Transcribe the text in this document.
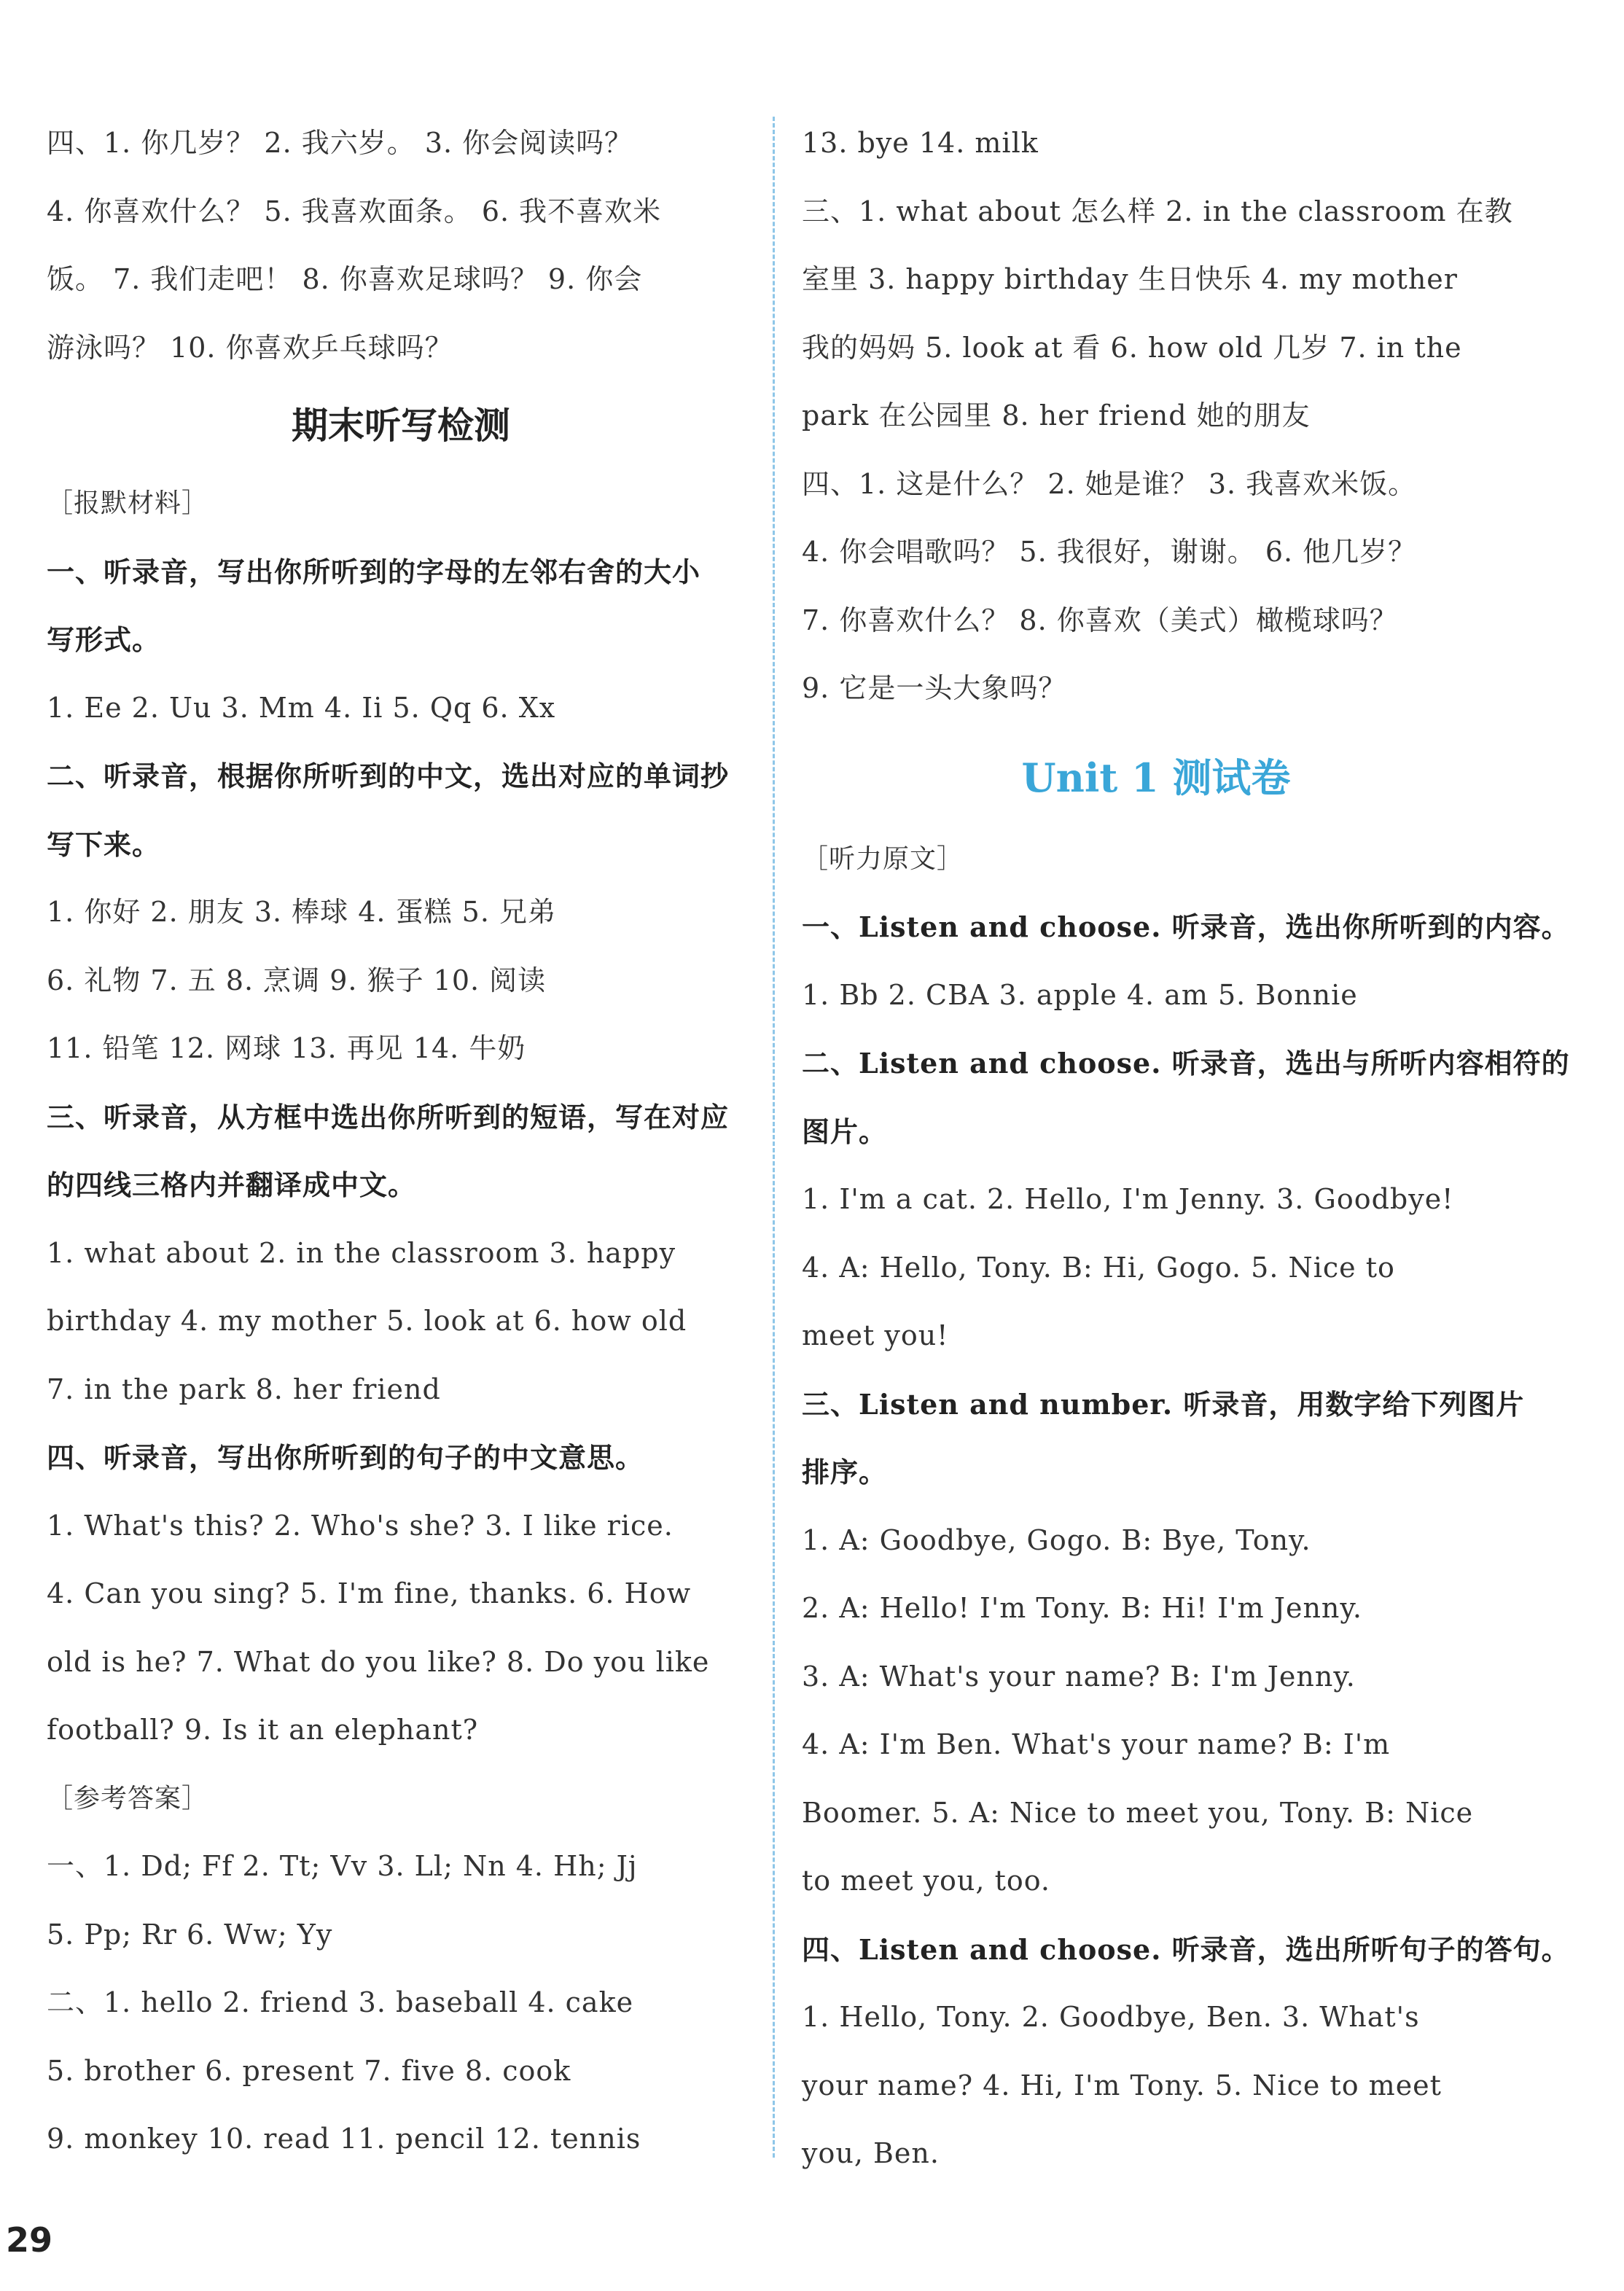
四、1. 你几岁？ 2. 我六岁。 3. 你会阅读吗？
4. 你喜欢什么？ 5. 我喜欢面条。 6. 我不喜欢米
饭。 7. 我们走吧！ 8. 你喜欢足球吗？ 9. 你会
游泳吗？ 10. 你喜欢乒乓球吗？
期末听写检测
［报默材料］
一、听录音，写出你所听到的字母的左邻右舍的大小
写形式。
1. Ee 2. Uu 3. Mm 4. Ii 5. Qq 6. Xx
二、听录音，根据你所听到的中文，选出对应的单词抄
写下来。
1. 你好 2. 朋友 3. 棒球 4. 蛋糕 5. 兄弟
6. 礼物 7. 五 8. 烹调 9. 猴子 10. 阅读
11. 铅笔 12. 网球 13. 再见 14. 牛奶
三、听录音，从方框中选出你所听到的短语，写在对应
的四线三格内并翻译成中文。
1. what about 2. in the classroom 3. happy
birthday 4. my mother 5. look at 6. how old
7. in the park 8. her friend
四、听录音，写出你所听到的句子的中文意思。
1. What's this? 2. Who's she? 3. I like rice.
4. Can you sing? 5. I'm fine, thanks. 6. How
old is he? 7. What do you like? 8. Do you like
football? 9. Is it an elephant?
［参考答案］
一、1. Dd; Ff 2. Tt; Vv 3. Ll; Nn 4. Hh; Jj
5. Pp; Rr 6. Ww; Yy
二、1. hello 2. friend 3. baseball 4. cake
5. brother 6. present 7. five 8. cook
9. monkey 10. read 11. pencil 12. tennis
13. bye 14. milk
三、1. what about 怎么样 2. in the classroom 在教
室里 3. happy birthday 生日快乐 4. my mother
我的妈妈 5. look at 看 6. how old 几岁 7. in the
park 在公园里 8. her friend 她的朋友
四、1. 这是什么？ 2. 她是谁？ 3. 我喜欢米饭。
4. 你会唱歌吗？ 5. 我很好，谢谢。 6. 他几岁？
7. 你喜欢什么？ 8. 你喜欢（美式）橄榄球吗？
9. 它是一头大象吗？
Unit 1 测试卷
［听力原文］
一、Listen and choose. 听录音，选出你所听到的内容。
1. Bb 2. CBA 3. apple 4. am 5. Bonnie
二、Listen and choose. 听录音，选出与所听内容相符的
图片。
1. I'm a cat. 2. Hello, I'm Jenny. 3. Goodbye!
4. A: Hello, Tony. B: Hi, Gogo. 5. Nice to
meet you!
三、Listen and number. 听录音，用数字给下列图片
排序。
1. A: Goodbye, Gogo. B: Bye, Tony.
2. A: Hello! I'm Tony. B: Hi! I'm Jenny.
3. A: What's your name? B: I'm Jenny.
4. A: I'm Ben. What's your name? B: I'm
Boomer. 5. A: Nice to meet you, Tony. B: Nice
to meet you, too.
四、Listen and choose. 听录音，选出所听句子的答句。
1. Hello, Tony. 2. Goodbye, Ben. 3. What's
your name? 4. Hi, I'm Tony. 5. Nice to meet
you, Ben.
29
